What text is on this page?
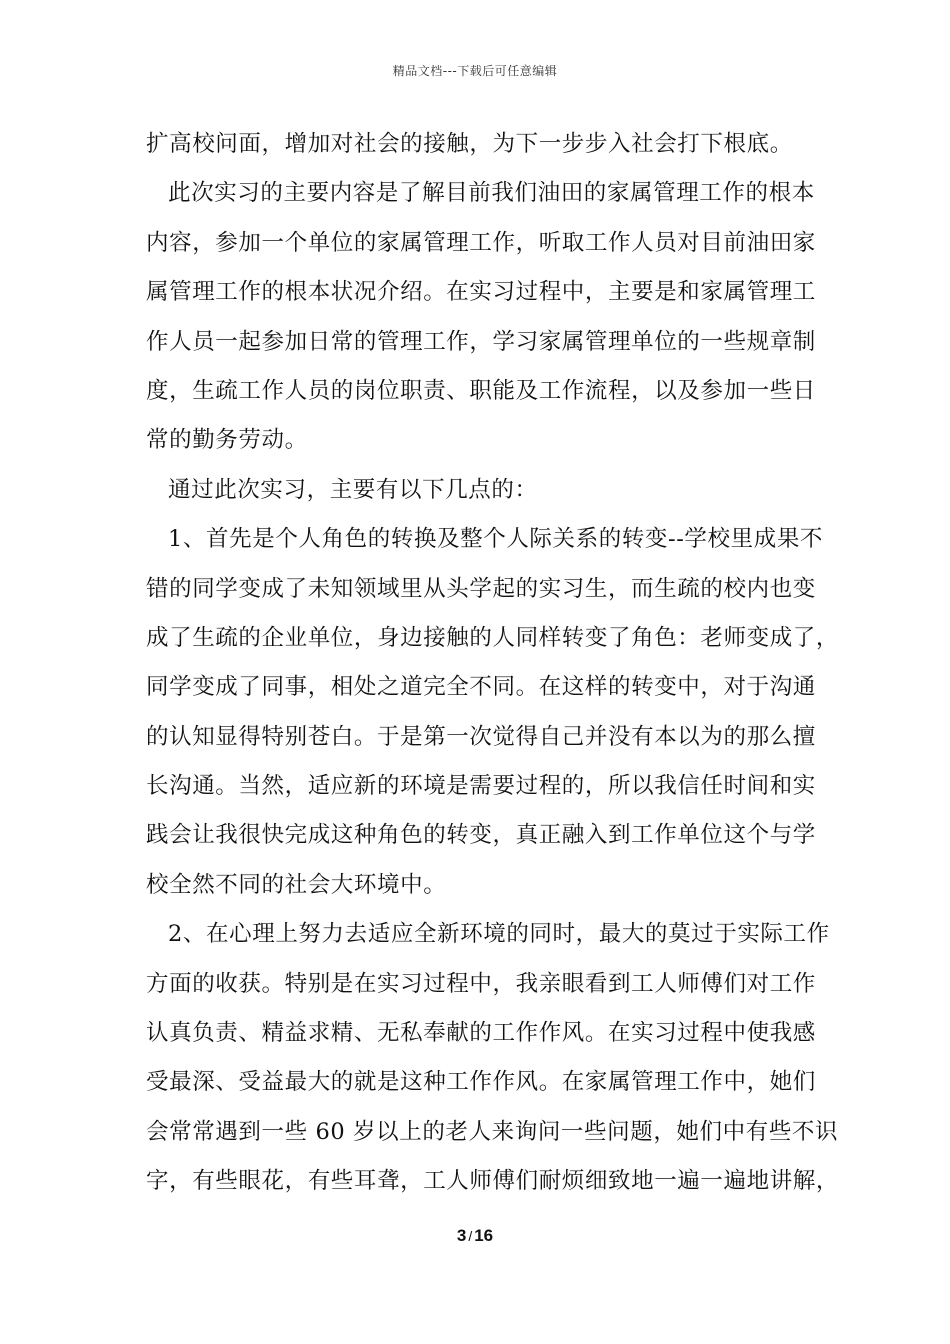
精品文档---下载后可任意编辑
扩高校问面，增加对社会的接触，为下一步步入社会打下根底。
此次实习的主要内容是了解目前我们油田的家属管理工作的根本
内容，参加一个单位的家属管理工作，听取工作人员对目前油田家
属管理工作的根本状况介绍。在实习过程中，主要是和家属管理工
作人员一起参加日常的管理工作，学习家属管理单位的一些规章制
度，生疏工作人员的岗位职责、职能及工作流程，以及参加一些日
常的勤务劳动。
通过此次实习，主要有以下几点的：
1、首先是个人角色的转换及整个人际关系的转变--学校里成果不
错的同学变成了未知领域里从头学起的实习生，而生疏的校内也变
成了生疏的企业单位，身边接触的人同样转变了角色：老师变成了，
同学变成了同事，相处之道完全不同。在这样的转变中，对于沟通
的认知显得特别苍白。于是第一次觉得自己并没有本以为的那么擅
长沟通。当然，适应新的环境是需要过程的，所以我信任时间和实
践会让我很快完成这种角色的转变，真正融入到工作单位这个与学
校全然不同的社会大环境中。
2、在心理上努力去适应全新环境的同时，最大的莫过于实际工作
方面的收获。特别是在实习过程中，我亲眼看到工人师傅们对工作
认真负责、精益求精、无私奉献的工作作风。在实习过程中使我感
受最深、受益最大的就是这种工作作风。在家属管理工作中，她们
会常常遇到一些 60 岁以上的老人来询问一些问题，她们中有些不识
字，有些眼花，有些耳聋，工人师傅们耐烦细致地一遍一遍地讲解，
3 / 16
